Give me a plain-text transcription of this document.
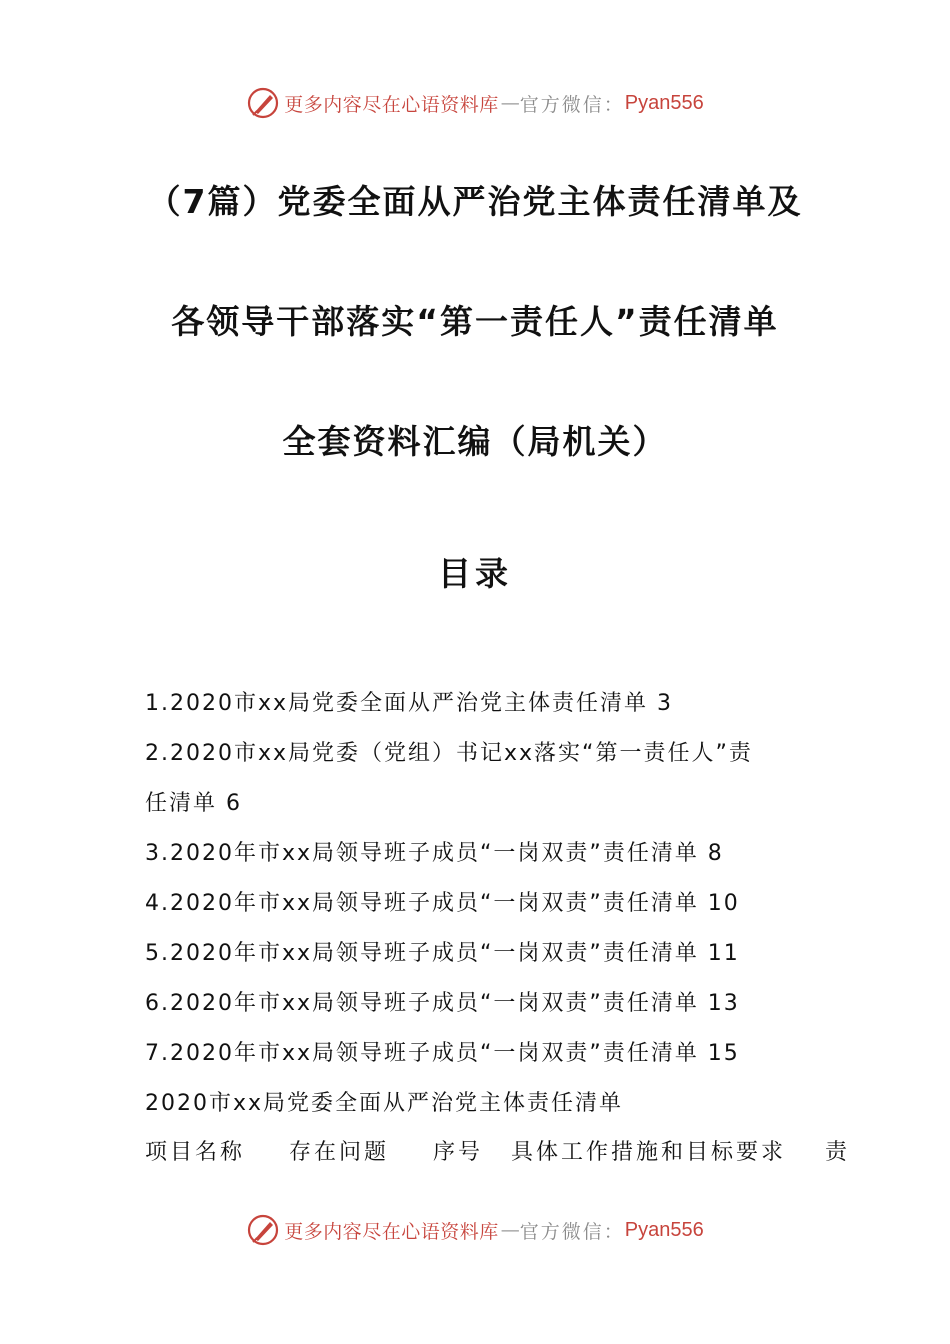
更多内容尽在心语资料库 — 官方微信： Pyan556
（7篇）党委全面从严治党主体责任清单及
各领导干部落实“第一责任人”责任清单
全套资料汇编（局机关）
目录
1.2020市xx局党委全面从严治党主体责任清单 3
2.2020市xx局党委（党组）书记xx落实“第一责任人”责
任清单 6
3.2020年市xx局领导班子成员“一岗双责”责任清单 8
4.2020年市xx局领导班子成员“一岗双责”责任清单 10
5.2020年市xx局领导班子成员“一岗双责”责任清单 11
6.2020年市xx局领导班子成员“一岗双责”责任清单 13
7.2020年市xx局领导班子成员“一岗双责”责任清单 15
2020市xx局党委全面从严治党主体责任清单
项目名称 存在问题 序号 具体工作措施和目标要求 责
更多内容尽在心语资料库 — 官方微信： Pyan556
